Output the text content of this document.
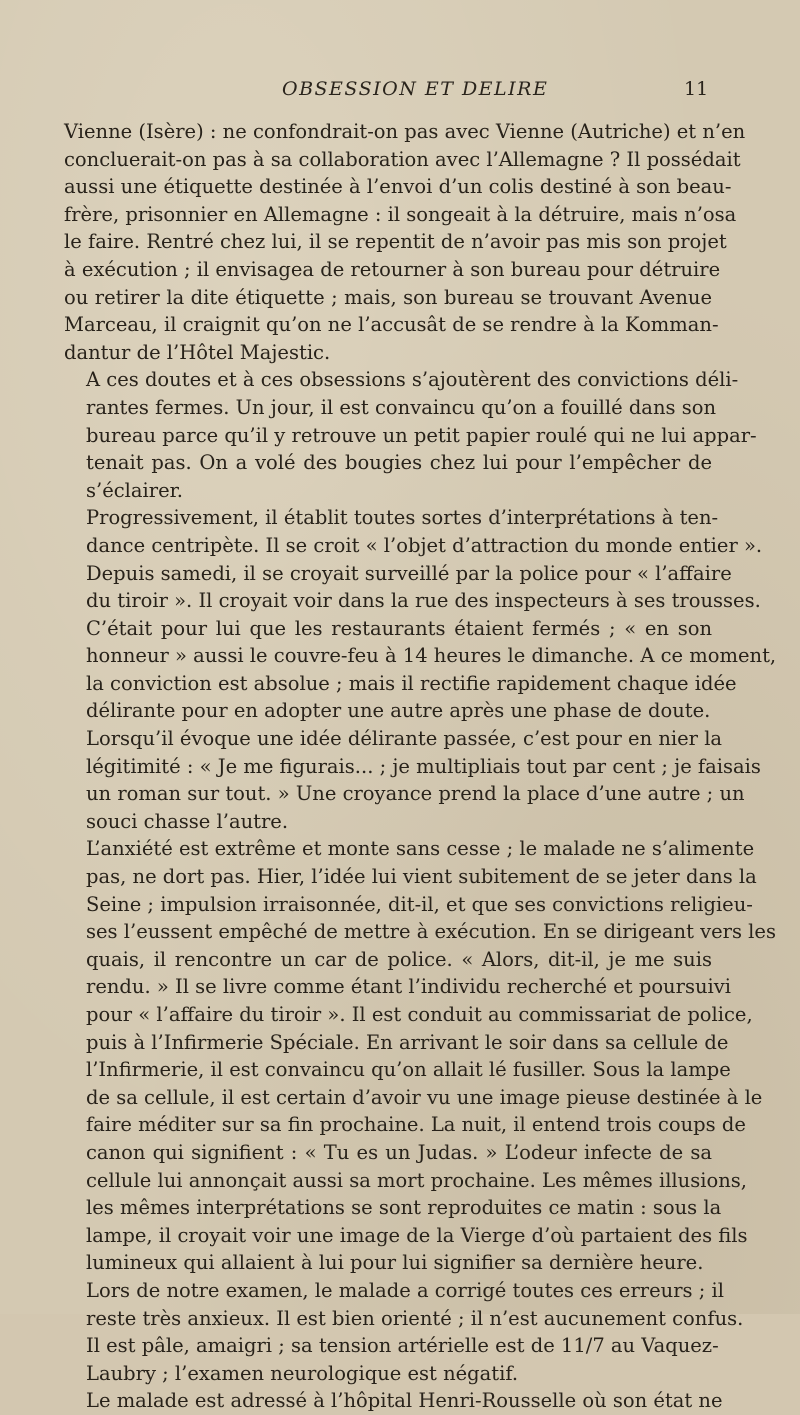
OBSESSION ET DELIRE	11

Vienne (Isère) : ne confondrait-on pas avec Vienne (Autriche) et n’en
concluerait-on pas à sa collaboration avec l’Allemagne ? Il possédait
aussi une étiquette destinée à l’envoi d’un colis destiné à son beau-
frère, prisonnier en Allemagne : il songeait à la détruire, mais n’osa
le faire. Rentré chez lui, il se repentit de n’avoir pas mis son projet
à exécution ; il envisagea de retourner à son bureau pour détruire
ou retirer la dite étiquette ; mais, son bureau se trouvant Avenue
Marceau, il craignit qu’on ne l’accusât de se rendre à la Komman-
dantur de l’Hôtel Majestic.

A ces doutes et à ces obsessions s’ajoutèrent des convictions déli-
rantes fermes. Un jour, il est convaincu qu’on a fouillé dans son
bureau parce qu’il y retrouve un petit papier roulé qui ne lui appar-
tenait pas. On a volé des bougies chez lui pour l’empêcher de
s’éclairer.

Progressivement, il établit toutes sortes d’interprétations à ten-
dance centripète. Il se croit « l’objet d’attraction du monde entier ».
Depuis samedi, il se croyait surveillé par la police pour « l’affaire
du tiroir ». Il croyait voir dans la rue des inspecteurs à ses trousses.
C’était pour lui que les restaurants étaient fermés ; « en son
honneur » aussi le couvre-feu à 14 heures le dimanche. A ce moment,
la conviction est absolue ; mais il rectifie rapidement chaque idée
délirante pour en adopter une autre après une phase de doute.

Lorsqu’il évoque une idée délirante passée, c’est pour en nier la
légitimité : « Je me figurais... ; je multipliais tout par cent ; je faisais
un roman sur tout. » Une croyance prend la place d’une autre ; un
souci chasse l’autre.

L’anxiété est extrême et monte sans cesse ; le malade ne s’alimente
pas, ne dort pas. Hier, l’idée lui vient subitement de se jeter dans la
Seine ; impulsion irraisonnée, dit-il, et que ses convictions religieu-
ses l’eussent empêché de mettre à exécution. En se dirigeant vers les
quais, il rencontre un car de police. « Alors, dit-il, je me suis
rendu. » Il se livre comme étant l’individu recherché et poursuivi
pour « l’affaire du tiroir ». Il est conduit au commissariat de police,
puis à l’Infirmerie Spéciale. En arrivant le soir dans sa cellule de
l’Infirmerie, il est convaincu qu’on allait lé fusiller. Sous la lampe
de sa cellule, il est certain d’avoir vu une image pieuse destinée à le
faire méditer sur sa fin prochaine. La nuit, il entend trois coups de
canon qui signifient : « Tu es un Judas. » L’odeur infecte de sa
cellule lui annonçait aussi sa mort prochaine. Les mêmes illusions,
les mêmes interprétations se sont reproduites ce matin : sous la
lampe, il croyait voir une image de la Vierge d’où partaient des fils
lumineux qui allaient à lui pour lui signifier sa dernière heure.

Lors de notre examen, le malade a corrigé toutes ces erreurs ; il
reste très anxieux. Il est bien orienté ; il n’est aucunement confus.

Il est pâle, amaigri ; sa tension artérielle est de 11/7 au Vaquez-
Laubry ; l’examen neurologique est négatif.

Le malade est adressé à l’hôpital Henri-Rousselle où son état ne
